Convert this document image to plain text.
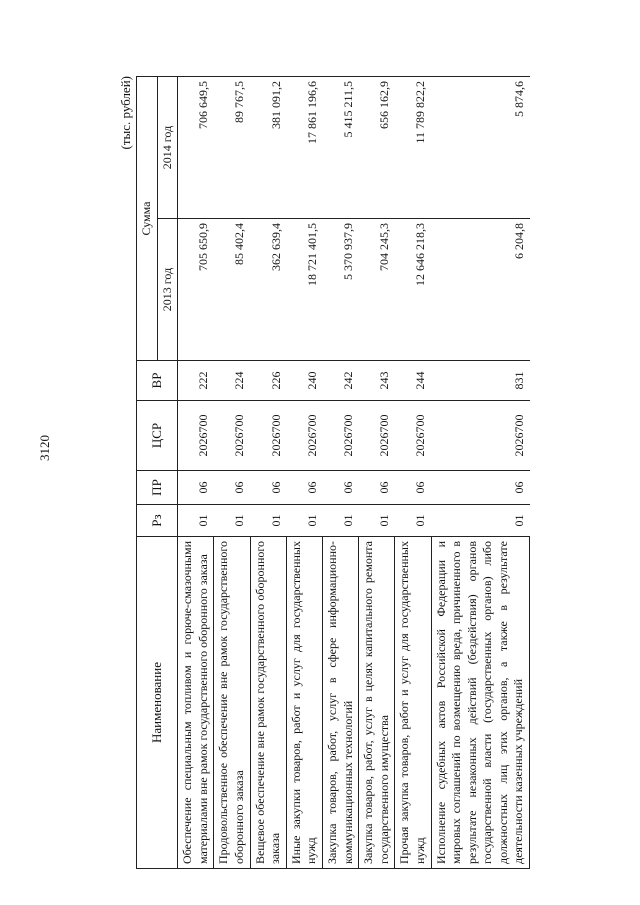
3120
(тыс. рублей)
Наименование	Рз	ПР	ЦСР	ВР	Сумма	
					2013 год	2014 год
Обеспечение специальным топливом и горюче-смазочными материалами вне рамок государственного оборонного заказа	01	06	2026700	222	705 650,9	706 649,5
Продовольственное обеспечение вне рамок государственного оборонного заказа	01	06	2026700	224	85 402,4	89 767,5
Вещевое обеспечение вне рамок государственного оборонного заказа	01	06	2026700	226	362 639,4	381 091,2
Иные закупки товаров, работ и услуг для государственных нужд	01	06	2026700	240	18 721 401,5	17 861 196,6
Закупка товаров, работ, услуг в сфере информационно-коммуникационных технологий	01	06	2026700	242	5 370 937,9	5 415 211,5
Закупка товаров, работ, услуг в целях капитального ремонта государственного имущества	01	06	2026700	243	704 245,3	656 162,9
Прочая закупка товаров, работ и услуг для государственных нужд	01	06	2026700	244	12 646 218,3	11 789 822,2
Исполнение судебных актов Российской Федерации и мировых соглашений по возмещению вреда, причиненного в результате незаконных действий (бездействия) органов государственной власти (государственных органов) либо должностных лиц этих органов, а также в результате деятельности казенных учреждений	01	06	2026700	831	6 204,8	5 874,6
